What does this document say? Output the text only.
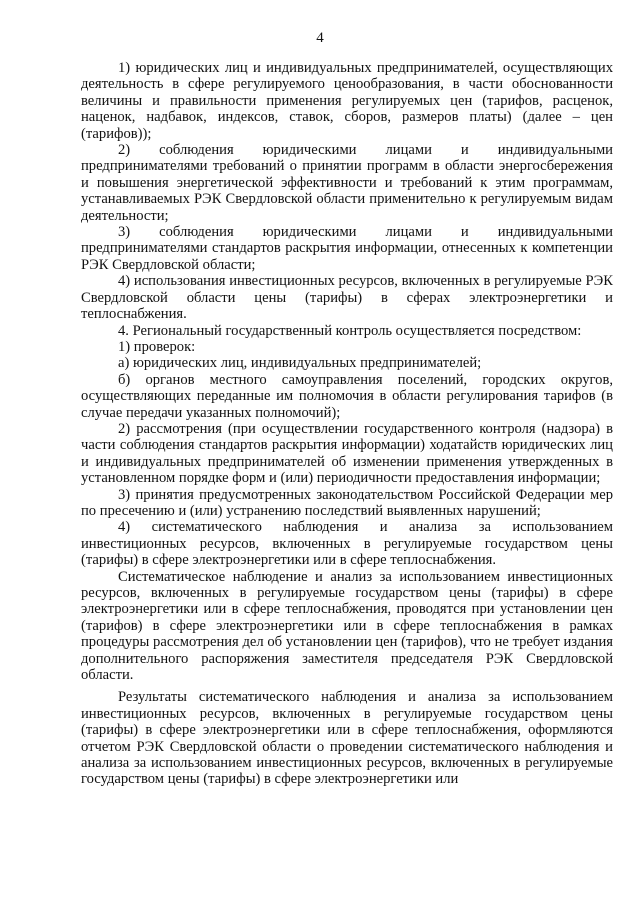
4

1) юридических лиц и индивидуальных предпринимателей, осуществляющих деятельность в сфере регулируемого ценообразования, в части обоснованности величины и правильности применения регулируемых цен (тарифов, расценок, наценок, надбавок, индексов, ставок, сборов, размеров платы) (далее – цен (тарифов));

2) соблюдения юридическими лицами и индивидуальными предпринимателями требований о принятии программ в области энергосбережения и повышения энергетической эффективности и требований к этим программам, устанавливаемых РЭК Свердловской области применительно к регулируемым видам деятельности;

3) соблюдения юридическими лицами и индивидуальными предпринимателями стандартов раскрытия информации, отнесенных к компетенции РЭК Свердловской области;

4) использования инвестиционных ресурсов, включенных в регулируемые РЭК Свердловской области цены (тарифы) в сферах электроэнергетики и теплоснабжения.

4. Региональный государственный контроль осуществляется посредством:

1) проверок:

а) юридических лиц, индивидуальных предпринимателей;

б) органов местного самоуправления поселений, городских округов, осуществляющих переданные им полномочия в области регулирования тарифов (в случае передачи указанных полномочий);

2) рассмотрения (при осуществлении государственного контроля (надзора) в части соблюдения стандартов раскрытия информации) ходатайств юридических лиц и индивидуальных предпринимателей об изменении применения утвержденных в установленном порядке форм и (или) периодичности предоставления информации;

3) принятия предусмотренных законодательством Российской Федерации мер по пресечению и (или) устранению последствий выявленных нарушений;

4) систематического наблюдения и анализа за использованием инвестиционных ресурсов, включенных в регулируемые государством цены (тарифы) в сфере электроэнергетики или в сфере теплоснабжения.

Систематическое наблюдение и анализ за использованием инвестиционных ресурсов, включенных в регулируемые государством цены (тарифы) в сфере электроэнергетики или в сфере теплоснабжения, проводятся при установлении цен (тарифов) в сфере электроэнергетики или в сфере теплоснабжения в рамках процедуры рассмотрения дел об установлении цен (тарифов), что не требует издания дополнительного распоряжения заместителя председателя РЭК Свердловской области.

Результаты систематического наблюдения и анализа за использованием инвестиционных ресурсов, включенных в регулируемые государством цены (тарифы) в сфере электроэнергетики или в сфере теплоснабжения, оформляются отчетом РЭК Свердловской области о проведении систематического наблюдения и анализа за использованием инвестиционных ресурсов, включенных в регулируемые государством цены (тарифы) в сфере электроэнергетики или
